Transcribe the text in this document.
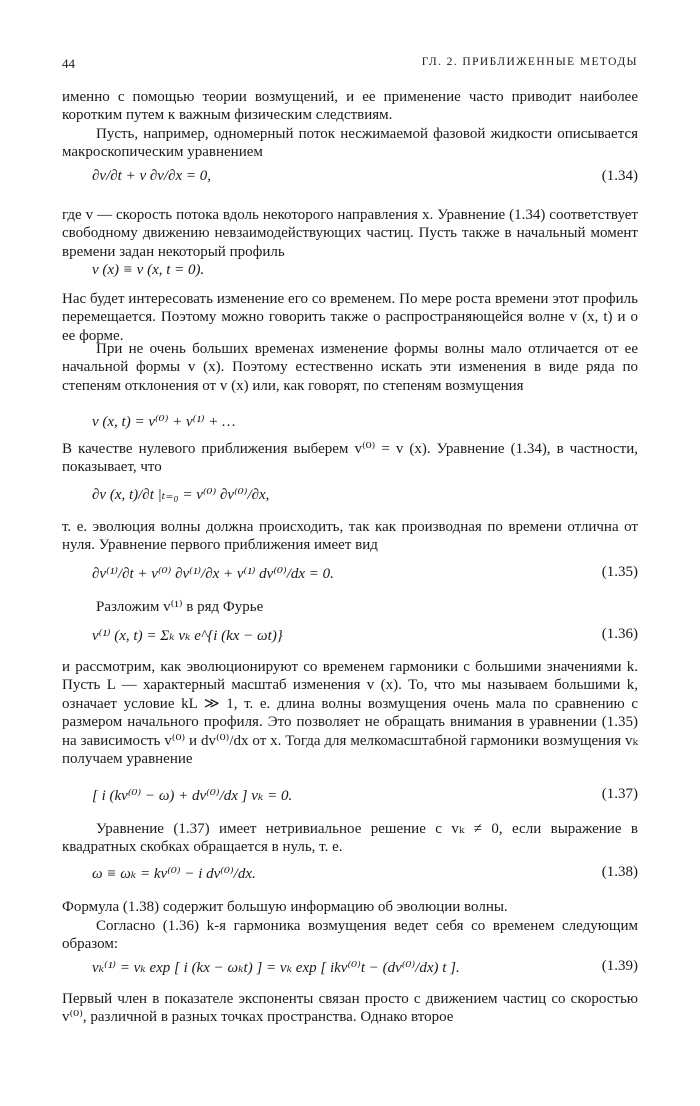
44	ГЛ. 2. ПРИБЛИЖЕННЫЕ МЕТОДЫ

именно с помощью теории возмущений, и ее применение часто приводит наиболее коротким путем к важным физическим следствиям.

Пусть, например, одномерный поток несжимаемой фазовой жидкости описывается макроскопическим уравнением

∂v/∂t + v ∂v/∂x = 0,	(1.34)

где v — скорость потока вдоль некоторого направления x. Уравнение (1.34) соответствует свободному движению невзаимодействующих частиц. Пусть также в начальный момент времени задан некоторый профиль

v (x) ≡ v (x, t = 0).

Нас будет интересовать изменение его со временем. По мере роста времени этот профиль перемещается. Поэтому можно говорить также о распространяющейся волне v (x, t) и о ее форме.

При не очень больших временах изменение формы волны мало отличается от ее начальной формы v (x). Поэтому естественно искать эти изменения в виде ряда по степеням отклонения от v (x) или, как говорят, по степеням возмущения

v (x, t) = v⁽⁰⁾ + v⁽¹⁾ + …

В качестве нулевого приближения выберем v⁽⁰⁾ = v (x). Уравнение (1.34), в частности, показывает, что

∂v (x, t)/∂t |ₜ₌₀ = v⁽⁰⁾ ∂v⁽⁰⁾/∂x,

т. е. эволюция волны должна происходить, так как производная по времени отлична от нуля. Уравнение первого приближения имеет вид

∂v⁽¹⁾/∂t + v⁽⁰⁾ ∂v⁽¹⁾/∂x + v⁽¹⁾ dv⁽⁰⁾/dx = 0.	(1.35)

Разложим v⁽¹⁾ в ряд Фурье

v⁽¹⁾ (x, t) = Σₖ vₖ e^{i (kx − ωt)}	(1.36)

и рассмотрим, как эволюционируют со временем гармоники с большими значениями k. Пусть L — характерный масштаб изменения v (x). То, что мы называем большими k, означает условие kL ≫ 1, т. е. длина волны возмущения очень мала по сравнению с размером начального профиля. Это позволяет не обращать внимания в уравнении (1.35) на зависимость v⁽⁰⁾ и dv⁽⁰⁾/dx от x. Тогда для мелкомасштабной гармоники возмущения vₖ получаем уравнение

[ i (kv⁽⁰⁾ − ω) + dv⁽⁰⁾/dx ] vₖ = 0.	(1.37)

Уравнение (1.37) имеет нетривиальное решение с vₖ ≠ 0, если выражение в квадратных скобках обращается в нуль, т. е.

ω ≡ ωₖ = kv⁽⁰⁾ − i dv⁽⁰⁾/dx.	(1.38)

Формула (1.38) содержит большую информацию об эволюции волны.

Согласно (1.36) k-я гармоника возмущения ведет себя со временем следующим образом:

vₖ⁽¹⁾ = vₖ exp [ i (kx − ωₖt) ] = vₖ exp [ ikv⁽⁰⁾t − (dv⁽⁰⁾/dx) t ].	(1.39)

Первый член в показателе экспоненты связан просто с движением частиц со скоростью v⁽⁰⁾, различной в разных точках пространства. Однако второе
